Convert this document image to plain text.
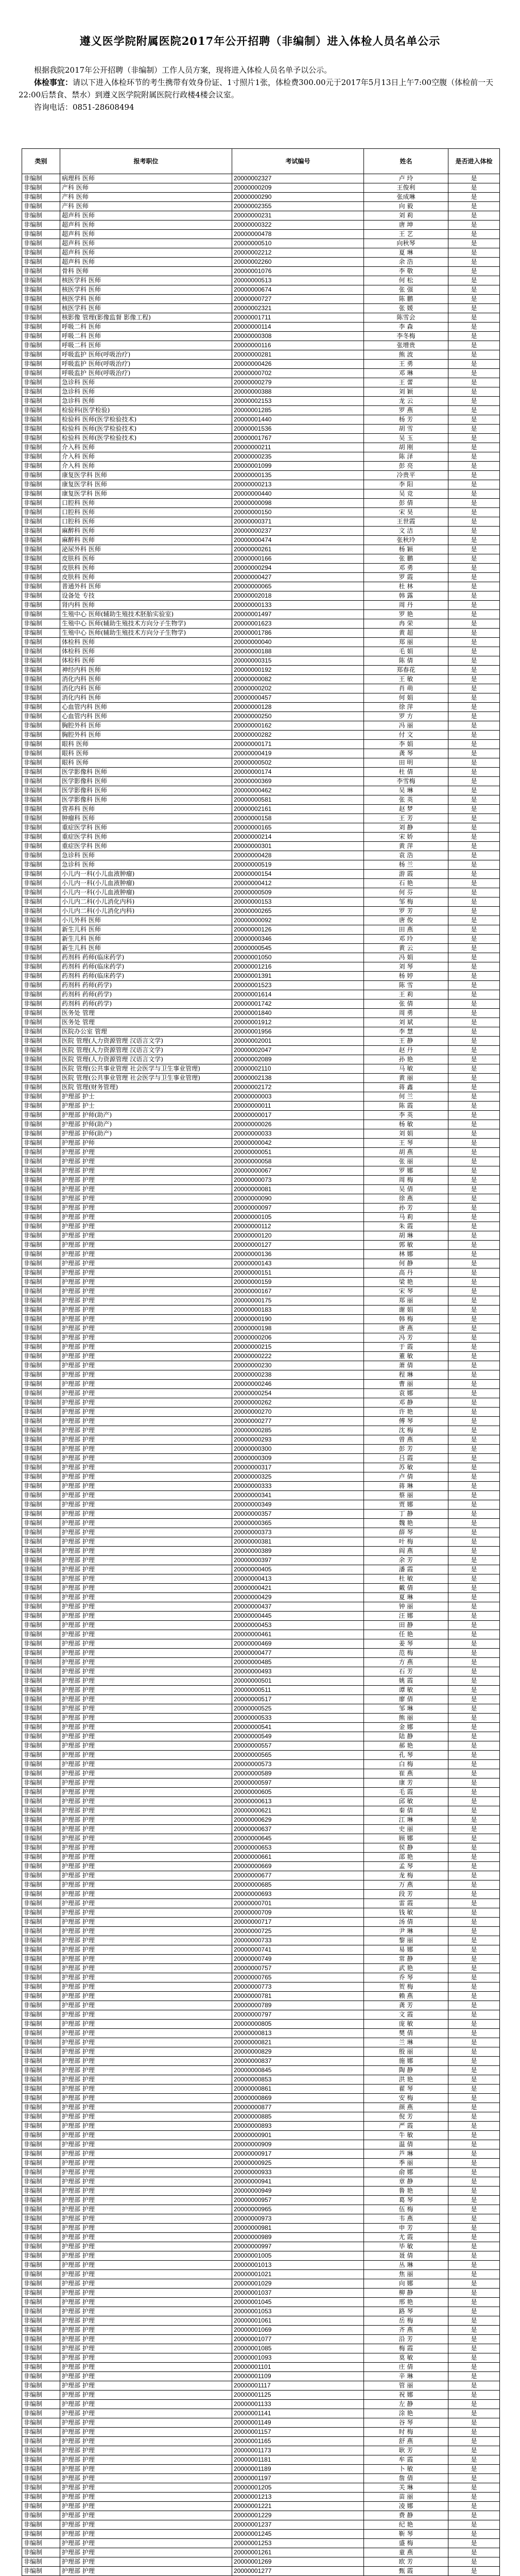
遵义医学院附属医院2017年公开招聘（非编制）进入体检人员名单公示

根据我院2017年公开招聘（非编制）工作人员方案，现将进入体检人员名单予以公示。

体检事宜：请以下进入体检环节的考生携带有效身份证、1寸照片1张，体检费300.00元于2017年5月13日上午7:00空腹（体检前一天22:00后禁食、禁水）到遵义医学院附属医院行政楼4楼会议室。

咨询电话：0851-28608494

类别	报考职位	考试编号	姓名	是否进入体检
非编制	病理科 医师	20000002327	卢 玲	是
非编制	产科 医师	20000000209	王俊利	是
非编制	产科 医师	20000000290	张成琳	是
非编制	产科 医师	20000002355	向 毅	是
非编制	超声科 医师	20000000231	刘 莉	是
非编制	超声科 医师	20000000322	唐 坤	是
非编制	超声科 医师	20000000478	王 艺	是
非编制	超声科 医师	20000000510	向秋琴	是
非编制	超声科 医师	20000002212	夏 琳	是
非编制	超声科 医师	20000002260	余 浩	是
非编制	骨科 医师	20000001076	李 敬	是
非编制	核医学科 医师	20000000513	何 松	是
非编制	核医学科 医师	20000000674	张 强	是
非编制	核医学科 医师	20000000727	陈 鹏	是
非编制	核医学科 医师	20000002321	张 媛	是
非编制	核影像 管理(影像监督 影像工程)	20000001711	陈雪会	是
非编制	呼吸二科 医师	20000000114	李 森	是
非编制	呼吸二科 医师	20000000308	李冬梅	是
非编制	呼吸二科 医师	20000000116	张增贵	是
非编制	呼吸监护 医师(呼吸治疗)	20000000281	熊 波	是
非编制	呼吸监护 医师(呼吸治疗)	20000000426	王 勇	是
非编制	呼吸监护 医师(呼吸治疗)	20000000702	邓 琳	是
非编制	急诊科 医师	20000000279	王 蕾	是
非编制	急诊科 医师	20000000388	刘 颖	是
非编制	急诊科 医师	20000002153	龙 云	是
非编制	检验科(医学检验)	20000001285	罗 燕	是
非编制	检验科 医师(医学检验技术)	20000001440	杨 芳	是
非编制	检验科 医师(医学检验技术)	20000001536	胡 雪	是
非编制	检验科 医师(医学检验技术)	20000001767	吴 玉	是
非编制	介入科 医师	20000000211	胡 刚	是
非编制	介入科 医师	20000000235	陈 泽	是
非编制	介入科 医师	20000001099	彭 亮	是
非编制	康复医学科 医师	20000000135	冷贵平	是
非编制	康复医学科 医师	20000000213	李 阳	是
非编制	康复医学科 医师	20000000440	吴 竞	是
非编制	口腔科 医师	20000000098	彭 倩	是
非编制	口腔科 医师	20000000150	宋 昊	是
非编制	口腔科 医师	20000000371	王世霞	是
非编制	麻醉科 医师	20000000237	文 洁	是
非编制	麻醉科 医师	20000000474	张秋玲	是
非编制	泌尿外科 医师	20000000261	杨 颖	是
非编制	皮肤科 医师	20000000166	张 鹏	是
非编制	皮肤科 医师	20000000294	邓 勇	是
非编制	皮肤科 医师	20000000427	罗 霞	是
非编制	普通外科 医师	20000000065	杜 林	是
非编制	设备处 专技	20000002018	韩 露	是
非编制	肾内科 医师	20000000133	周 丹	是
非编制	生殖中心 医师(辅助生殖技术胚胎实验室)	20000001497	罗 艳	是
非编制	生殖中心 医师(辅助生殖技术方向分子生物学)	20000001623	冉 荣	是
非编制	生殖中心 医师(辅助生殖技术方向分子生物学)	20000001786	黄 超	是
非编制	体检科 医师	20000000040	郑 丽	是
非编制	体检科 医师	20000000188	毛 娟	是
非编制	体检科 医师	20000000315	陈 倩	是
非编制	神经内科 医师	20000000192	郑春花	是
非编制	消化内科 医师	20000000082	王 敏	是
非编制	消化内科 医师	20000000202	肖 萌	是
非编制	消化内科 医师	20000000457	何 娟	是
非编制	心血管内科 医师	20000000128	徐 萍	是
非编制	心血管内科 医师	20000000250	罗 方	是
非编制	胸腔外科 医师	20000000162	冯 丽	是
非编制	胸腔外科 医师	20000000282	付 文	是
非编制	眼科 医师	20000000171	李 娟	是
非编制	眼科 医师	20000000419	龚 琴	是
非编制	眼科 医师	20000000502	田 明	是
非编制	医学影像科 医师	20000000174	杜 倩	是
非编制	医学影像科 医师	20000000369	李雪梅	是
非编制	医学影像科 医师	20000000462	吴 琳	是
非编制	医学影像科 医师	20000000581	张 英	是
非编制	营养科 医师	20000002161	赵 梦	是
非编制	肿瘤科 医师	20000000158	王 芳	是
非编制	重症医学科 医师	20000000165	刘 静	是
非编制	重症医学科 医师	20000000214	宋 娇	是
非编制	重症医学科 医师	20000000301	黄 萍	是
非编制	急诊科 医师	20000000428	袁 浩	是
非编制	急诊科 医师	20000000519	杨 兰	是
非编制	小儿内一科(小儿血液肿瘤)	20000000154	游 霞	是
非编制	小儿内一科(小儿血液肿瘤)	20000000412	石 艳	是
非编制	小儿内一科(小儿血液肿瘤)	20000000509	何 芬	是
非编制	小儿内二科(小儿消化内科)	20000000153	邹 梅	是
非编制	小儿内二科(小儿消化内科)	20000000265	罗 芳	是
非编制	小儿外科 医师	20000000092	唐 俊	是
非编制	新生儿科 医师	20000000126	田 燕	是
非编制	新生儿科 医师	20000000346	邓 玲	是
非编制	新生儿科 医师	20000000545	黄 云	是
非编制	药剂科 药师(临床药学)	20000001050	冯 娟	是
非编制	药剂科 药师(临床药学)	20000001216	刘 琴	是
非编制	药剂科 药师(临床药学)	20000001391	杨 婷	是
非编制	药剂科 药师(药学)	20000001523	陈 雪	是
非编制	药剂科 药师(药学)	20000001614	王 莉	是
非编制	药剂科 药师(药学)	20000001742	张 倩	是
非编制	医务处 管理	20000001840	周 勇	是
非编制	医务处 管理	20000001912	刘 斌	是
非编制	医院办公室 管理	20000001956	李 慧	是
非编制	医院 管理(人力资源管理 汉语言文学)	20000002001	王 静	是
非编制	医院 管理(人力资源管理 汉语言文学)	20000002047	赵 丹	是
非编制	医院 管理(人力资源管理 汉语言文学)	20000002089	孙 艳	是
非编制	医院 管理(公共事业管理 社会医学与卫生事业管理)	20000002110	马 敏	是
非编制	医院 管理(公共事业管理 社会医学与卫生事业管理)	20000002138	黄 丽	是
非编制	医院 管理(财务管理)	20000002172	蒋 鑫	是
非编制	护理部 护士	20000000003	何 兰	是
非编制	护理部 护士	20000000011	陈 霞	是
非编制	护理部 护师(助产)	20000000017	李 英	是
非编制	护理部 护师(助产)	20000000026	杨 敏	是
非编制	护理部 护师(助产)	20000000033	刘 娟	是
非编制	护理部 护师	20000000042	王 琴	是
非编制	护理部 护理	20000000051	胡 燕	是
非编制	护理部 护理	20000000058	张 丽	是
非编制	护理部 护理	20000000067	罗 娜	是
非编制	护理部 护理	20000000073	周 梅	是
非编制	护理部 护理	20000000081	吴 倩	是
非编制	护理部 护理	20000000090	徐 燕	是
非编制	护理部 护理	20000000097	孙 芳	是
非编制	护理部 护理	20000000105	马 莉	是
非编制	护理部 护理	20000000112	朱 霞	是
非编制	护理部 护理	20000000120	胡 琳	是
非编制	护理部 护理	20000000127	郭 敏	是
非编制	护理部 护理	20000000136	林 娜	是
非编制	护理部 护理	20000000143	何 静	是
非编制	护理部 护理	20000000151	高 丹	是
非编制	护理部 护理	20000000159	梁 艳	是
非编制	护理部 护理	20000000167	宋 琴	是
非编制	护理部 护理	20000000175	郑 丽	是
非编制	护理部 护理	20000000183	谢 娟	是
非编制	护理部 护理	20000000190	韩 梅	是
非编制	护理部 护理	20000000198	唐 燕	是
非编制	护理部 护理	20000000206	冯 芳	是
非编制	护理部 护理	20000000215	于 霞	是
非编制	护理部 护理	20000000222	董 敏	是
非编制	护理部 护理	20000000230	萧 倩	是
非编制	护理部 护理	20000000238	程 琳	是
非编制	护理部 护理	20000000246	曹 丽	是
非编制	护理部 护理	20000000254	袁 娜	是
非编制	护理部 护理	20000000262	邓 静	是
非编制	护理部 护理	20000000270	许 艳	是
非编制	护理部 护理	20000000277	傅 琴	是
非编制	护理部 护理	20000000285	沈 梅	是
非编制	护理部 护理	20000000293	曾 燕	是
非编制	护理部 护理	20000000300	彭 芳	是
非编制	护理部 护理	20000000309	吕 霞	是
非编制	护理部 护理	20000000317	苏 敏	是
非编制	护理部 护理	20000000325	卢 倩	是
非编制	护理部 护理	20000000333	蒋 琳	是
非编制	护理部 护理	20000000341	蔡 丽	是
非编制	护理部 护理	20000000349	贾 娜	是
非编制	护理部 护理	20000000357	丁 静	是
非编制	护理部 护理	20000000365	魏 艳	是
非编制	护理部 护理	20000000373	薛 琴	是
非编制	护理部 护理	20000000381	叶 梅	是
非编制	护理部 护理	20000000389	阎 燕	是
非编制	护理部 护理	20000000397	余 芳	是
非编制	护理部 护理	20000000405	潘 霞	是
非编制	护理部 护理	20000000413	杜 敏	是
非编制	护理部 护理	20000000421	戴 倩	是
非编制	护理部 护理	20000000429	夏 琳	是
非编制	护理部 护理	20000000437	钟 丽	是
非编制	护理部 护理	20000000445	汪 娜	是
非编制	护理部 护理	20000000453	田 静	是
非编制	护理部 护理	20000000461	任 艳	是
非编制	护理部 护理	20000000469	姜 琴	是
非编制	护理部 护理	20000000477	范 梅	是
非编制	护理部 护理	20000000485	方 燕	是
非编制	护理部 护理	20000000493	石 芳	是
非编制	护理部 护理	20000000501	姚 霞	是
非编制	护理部 护理	20000000511	谭 敏	是
非编制	护理部 护理	20000000517	廖 倩	是
非编制	护理部 护理	20000000525	邹 琳	是
非编制	护理部 护理	20000000533	熊 丽	是
非编制	护理部 护理	20000000541	金 娜	是
非编制	护理部 护理	20000000549	陆 静	是
非编制	护理部 护理	20000000557	郝 艳	是
非编制	护理部 护理	20000000565	孔 琴	是
非编制	护理部 护理	20000000573	白 梅	是
非编制	护理部 护理	20000000589	崔 燕	是
非编制	护理部 护理	20000000597	康 芳	是
非编制	护理部 护理	20000000605	毛 霞	是
非编制	护理部 护理	20000000613	邱 敏	是
非编制	护理部 护理	20000000621	秦 倩	是
非编制	护理部 护理	20000000629	江 琳	是
非编制	护理部 护理	20000000637	史 丽	是
非编制	护理部 护理	20000000645	顾 娜	是
非编制	护理部 护理	20000000653	侯 静	是
非编制	护理部 护理	20000000661	邵 艳	是
非编制	护理部 护理	20000000669	孟 琴	是
非编制	护理部 护理	20000000677	龙 梅	是
非编制	护理部 护理	20000000685	万 燕	是
非编制	护理部 护理	20000000693	段 芳	是
非编制	护理部 护理	20000000701	雷 霞	是
非编制	护理部 护理	20000000709	钱 敏	是
非编制	护理部 护理	20000000717	汤 倩	是
非编制	护理部 护理	20000000725	尹 琳	是
非编制	护理部 护理	20000000733	黎 丽	是
非编制	护理部 护理	20000000741	易 娜	是
非编制	护理部 护理	20000000749	常 静	是
非编制	护理部 护理	20000000757	武 艳	是
非编制	护理部 护理	20000000765	乔 琴	是
非编制	护理部 护理	20000000773	贺 梅	是
非编制	护理部 护理	20000000781	赖 燕	是
非编制	护理部 护理	20000000789	龚 芳	是
非编制	护理部 护理	20000000797	文 霞	是
非编制	护理部 护理	20000000805	庞 敏	是
非编制	护理部 护理	20000000813	樊 倩	是
非编制	护理部 护理	20000000821	兰 琳	是
非编制	护理部 护理	20000000829	殷 丽	是
非编制	护理部 护理	20000000837	施 娜	是
非编制	护理部 护理	20000000845	陶 静	是
非编制	护理部 护理	20000000853	洪 艳	是
非编制	护理部 护理	20000000861	翟 琴	是
非编制	护理部 护理	20000000869	安 梅	是
非编制	护理部 护理	20000000877	颜 燕	是
非编制	护理部 护理	20000000885	倪 芳	是
非编制	护理部 护理	20000000893	严 霞	是
非编制	护理部 护理	20000000901	牛 敏	是
非编制	护理部 护理	20000000909	温 倩	是
非编制	护理部 护理	20000000917	芦 琳	是
非编制	护理部 护理	20000000925	季 丽	是
非编制	护理部 护理	20000000933	俞 娜	是
非编制	护理部 护理	20000000941	章 静	是
非编制	护理部 护理	20000000949	鲁 艳	是
非编制	护理部 护理	20000000957	葛 琴	是
非编制	护理部 护理	20000000965	伍 梅	是
非编制	护理部 护理	20000000973	韦 燕	是
非编制	护理部 护理	20000000981	申 芳	是
非编制	护理部 护理	20000000989	尤 霞	是
非编制	护理部 护理	20000000997	毕 敏	是
非编制	护理部 护理	20000001005	聂 倩	是
非编制	护理部 护理	20000001013	丛 琳	是
非编制	护理部 护理	20000001021	焦 丽	是
非编制	护理部 护理	20000001029	向 娜	是
非编制	护理部 护理	20000001037	柳 静	是
非编制	护理部 护理	20000001045	邢 艳	是
非编制	护理部 护理	20000001053	路 琴	是
非编制	护理部 护理	20000001061	岳 梅	是
非编制	护理部 护理	20000001069	齐 燕	是
非编制	护理部 护理	20000001077	沿 芳	是
非编制	护理部 护理	20000001085	梅 霞	是
非编制	护理部 护理	20000001093	莫 敏	是
非编制	护理部 护理	20000001101	庄 倩	是
非编制	护理部 护理	20000001109	辛 琳	是
非编制	护理部 护理	20000001117	管 丽	是
非编制	护理部 护理	20000001125	祝 娜	是
非编制	护理部 护理	20000001133	左 静	是
非编制	护理部 护理	20000001141	涂 艳	是
非编制	护理部 护理	20000001149	谷 琴	是
非编制	护理部 护理	20000001157	时 梅	是
非编制	护理部 护理	20000001165	舒 燕	是
非编制	护理部 护理	20000001173	耿 芳	是
非编制	护理部 护理	20000001181	牟 霞	是
非编制	护理部 护理	20000001189	卜 敏	是
非编制	护理部 护理	20000001197	詹 倩	是
非编制	护理部 护理	20000001205	关 琳	是
非编制	护理部 护理	20000001213	苗 丽	是
非编制	护理部 护理	20000001221	凌 娜	是
非编制	护理部 护理	20000001229	费 静	是
非编制	护理部 护理	20000001237	纪 艳	是
非编制	护理部 护理	20000001245	靳 琴	是
非编制	护理部 护理	20000001253	盛 梅	是
非编制	护理部 护理	20000001261	童 燕	是
非编制	护理部 护理	20000001269	欧 芳	是
非编制	护理部 护理	20000001277	甄 霞	是
